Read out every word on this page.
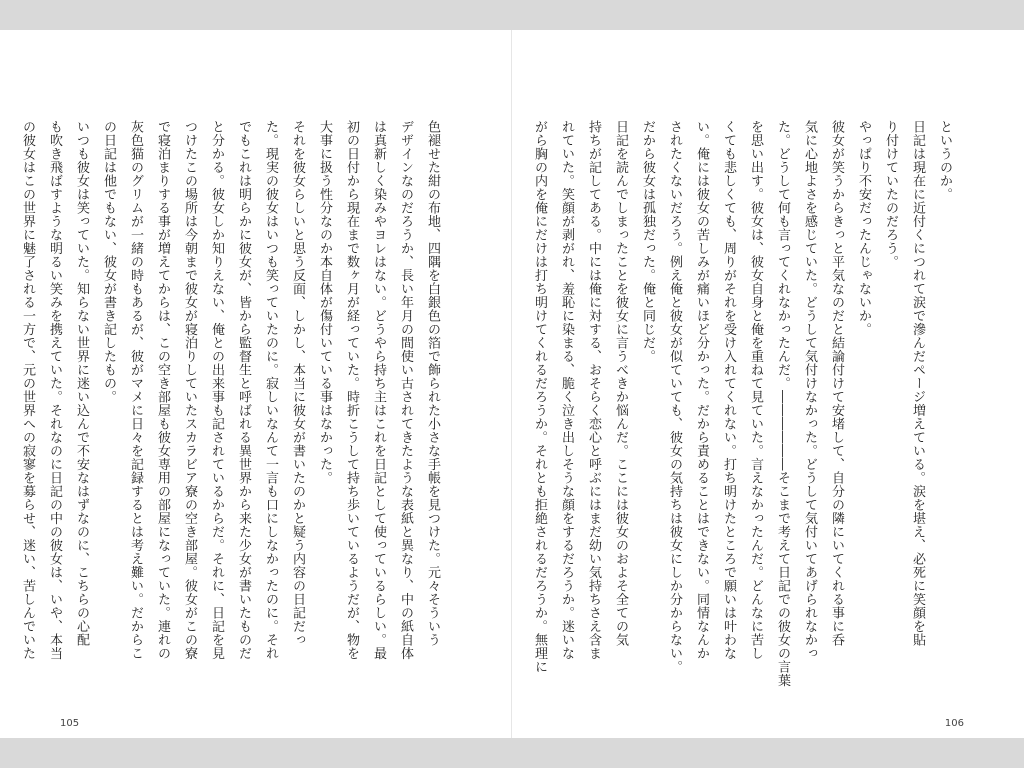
色褪せた紺の布地、四隅を白銀色の箔で飾られた小さな手帳を見つけた。元々そういう
デザインなのだろうか、長い年月の間使い古されてきたような表紙と異なり、中の紙自体
は真新しく染みやヨレはない。どうやら持ち主はこれを日記として使っているらしい。最
初の日付から現在まで数ヶ月が経っていた。時折こうして持ち歩いているようだが、物を
大事に扱う性分なのか本自体が傷付いている事はなかった。
それを彼女らしいと思う反面、しかし、本当に彼女が書いたのかと疑う内容の日記だっ
た。現実の彼女はいつも笑っていたのに。寂しいなんて一言も口にしなかったのに。それ
でもこれは明らかに彼女が、皆から監督生と呼ばれる異世界から来た少女が書いたものだ
と分かる。彼女しか知りえない、俺との出来事も記されているからだ。それに、日記を見
つけたこの場所は今朝まで彼女が寝泊りしていたスカラビア寮の空き部屋。彼女がこの寮
で寝泊まりする事が増えてからは、この空き部屋も彼女専用の部屋になっていた。連れの
灰色猫のグリムが一緒の時もあるが、彼がマメに日々を記録するとは考え難い。だからこ
の日記は他でもない、彼女が書き記したもの。
いつも彼女は笑っていた。知らない世界に迷い込んで不安なはずなのに、こちらの心配
も吹き飛ばすような明るい笑みを携えていた。それなのに日記の中の彼女は、いや、本当
の彼女はこの世界に魅了される一方で、元の世界への寂寥を募らせ、迷い、苦しんでいた
105
というのか。
日記は現在に近付くにつれて涙で滲んだページ増えている。涙を堪え、必死に笑顔を貼
り付けていたのだろう。
やっぱり不安だったんじゃないか。
彼女が笑うからきっと平気なのだと結論付けて安堵して、自分の隣にいてくれる事に呑
気に心地よさを感じていた。どうして気付けなかった。どうして気付いてあげられなかっ
た。どうして何も言ってくれなかったんだ。――――――そこまで考えて日記での彼女の言葉
を思い出す。彼女は、彼女自身と俺を重ねて見ていた。言えなかったんだ。どんなに苦し
くても悲しくても、周りがそれを受け入れてくれない。打ち明けたところで願いは叶わな
い。俺には彼女の苦しみが痛いほど分かった。だから責めることはできない。同情なんか
されたくないだろう。例え俺と彼女が似ていても、彼女の気持ちは彼女にしか分からない。
だから彼女は孤独だった。俺と同じだ。
日記を読んでしまったことを彼女に言うべきか悩んだ。ここには彼女のおよそ全ての気
持ちが記してある。中には俺に対する、おそらく恋心と呼ぶにはまだ幼い気持ちさえ含ま
れていた。笑顔が剥がれ、羞恥に染まる、脆く泣き出しそうな顔をするだろうか。迷いな
がら胸の内を俺にだけは打ち明けてくれるだろうか。それとも拒絶されるだろうか。無理に
106
